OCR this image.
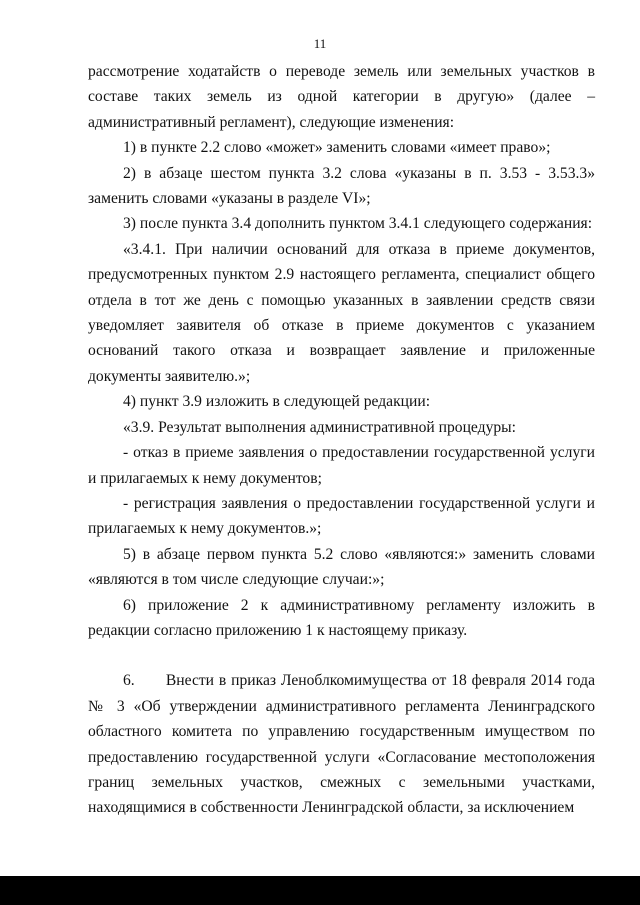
11

рассмотрение ходатайств о переводе земель или земельных участков в составе таких земель из одной категории в другую» (далее – административный регламент), следующие изменения:

1) в пункте 2.2 слово «может» заменить словами «имеет право»;

2) в абзаце шестом пункта 3.2 слова «указаны в п. 3.53 - 3.53.3» заменить словами «указаны в разделе VI»;

3) после пункта 3.4 дополнить пунктом 3.4.1 следующего содержания:

«3.4.1. При наличии оснований для отказа в приеме документов, предусмотренных пунктом 2.9 настоящего регламента, специалист общего отдела в тот же день с помощью указанных в заявлении средств связи уведомляет заявителя об отказе в приеме документов с указанием оснований такого отказа и возвращает заявление и приложенные документы заявителю.»;

4) пункт 3.9 изложить в следующей редакции:

«3.9. Результат выполнения административной процедуры:

- отказ в приеме заявления о предоставлении государственной услуги и прилагаемых к нему документов;

- регистрация заявления о предоставлении государственной услуги и прилагаемых к нему документов.»;

5) в абзаце первом пункта 5.2 слово «являются:» заменить словами «являются в том числе следующие случаи:»;

6) приложение 2 к административному регламенту изложить в редакции согласно приложению 1 к настоящему приказу.

6.  Внести в приказ Леноблкомимущества от 18 февраля 2014 года № 3 «Об утверждении административного регламента Ленинградского областного комитета по управлению государственным имуществом по предоставлению государственной услуги «Согласование местоположения границ земельных участков, смежных с земельными участками, находящимися в собственности Ленинградской области, за исключением
